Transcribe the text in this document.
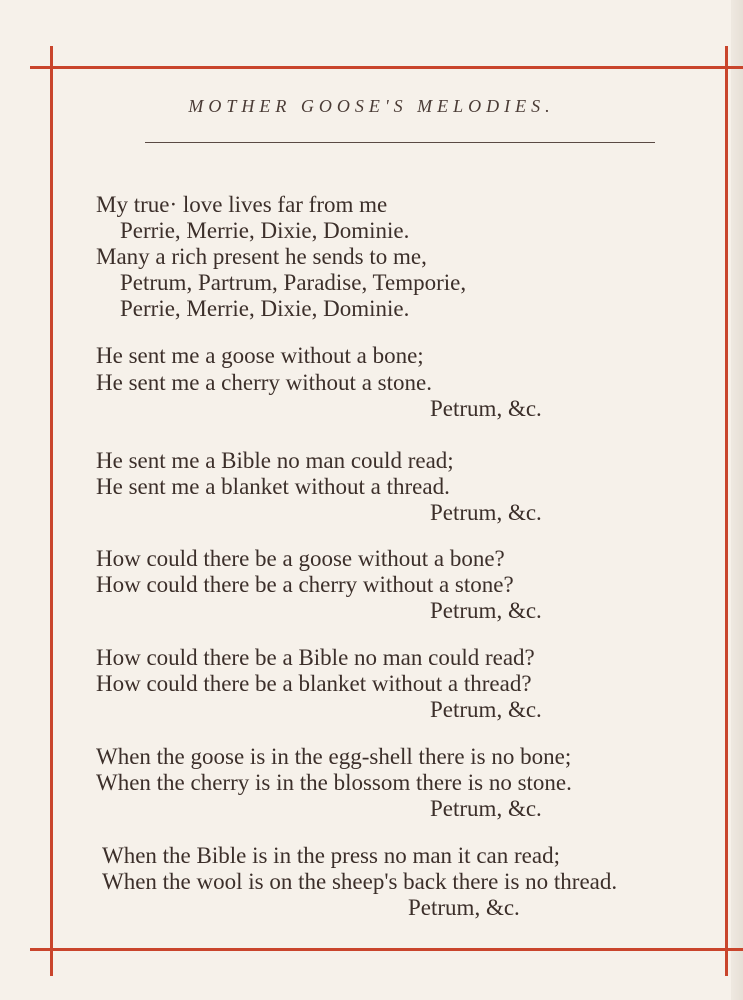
MOTHER GOOSE'S MELODIES.
My true· love lives far from me
Perrie, Merrie, Dixie, Dominie.
Many a rich present he sends to me,
Petrum, Partrum, Paradise, Temporie,
Perrie, Merrie, Dixie, Dominie.
He sent me a goose without a bone;
He sent me a cherry without a stone.
Petrum, &c.
He sent me a Bible no man could read;
He sent me a blanket without a thread.
Petrum, &c.
How could there be a goose without a bone?
How could there be a cherry without a stone?
Petrum, &c.
How could there be a Bible no man could read?
How could there be a blanket without a thread?
Petrum, &c.
When the goose is in the egg-shell there is no bone;
When the cherry is in the blossom there is no stone.
Petrum, &c.
When the Bible is in the press no man it can read;
When the wool is on the sheep's back there is no thread.
Petrum, &c.
